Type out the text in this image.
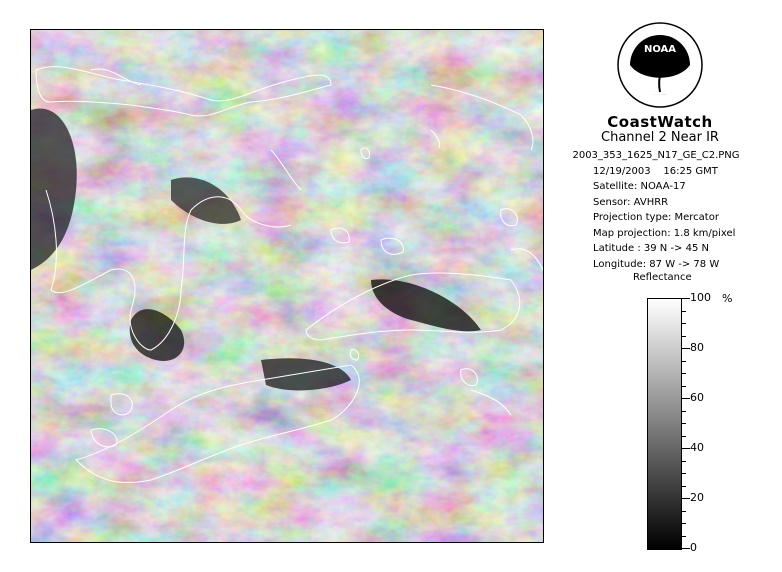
NOAA
CoastWatch
Channel 2 Near IR
2003_353_1625_N17_GE_C2.PNG
12/19/2003 16:25 GMT
Satellite: NOAA-17
Sensor: AVHRR
Projection type: Mercator
Map projection: 1.8 km/pixel
Latitude : 39 N -> 45 N
Longitude: 87 W -> 78 W
Reflectance
%
100
80
60
40
20
0
